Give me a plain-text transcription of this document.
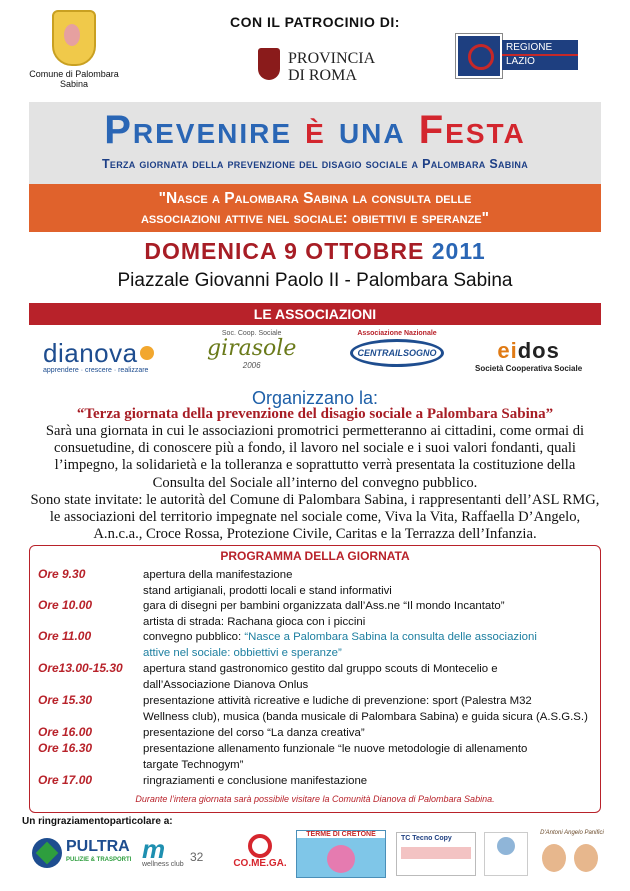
Comune di Palombara Sabina
CON IL PATROCINIO DI:
PROVINCIA
DI ROMA
REGIONE
LAZIO
Prevenire è una Festa
Terza giornata della prevenzione del disagio sociale a Palombara Sabina
"Nasce a Palombara Sabina la consulta delle
associazioni attive nel sociale: obiettivi e speranze"
DOMENICA 9 OTTOBRE 2011
Piazzale Giovanni Paolo II - Palombara Sabina
LE ASSOCIAZIONI
dianova
apprendere · crescere · realizzare
Soc. Coop. Sociale
girasole
2006
Associazione Nazionale
CENTRAILSOGNO	eidos
Società Cooperativa Sociale
Organizzano la:
“Terza giornata della prevenzione del disagio sociale a Palombara Sabina”

Sarà una giornata in cui le associazioni promotrici permetteranno ai cittadini, come ormai di consuetudine, di conoscere più a fondo, il lavoro nel sociale e i suoi valori fondanti, quali l’impegno, la solidarietà e la tolleranza e soprattutto verrà presentata la costituzione della Consulta del Sociale all’interno del convegno pubblico.

Sono state invitate: le autorità del Comune di Palombara Sabina, i rappresentanti dell’ASL RMG, le associazioni del territorio impegnate nel sociale come, Viva la Vita, Raffaella D’Angelo, A.n.c.a., Croce Rossa, Protezione Civile, Caritas e la Terrazza dell’Infanzia.

PROGRAMMA DELLA GIORNATA
Ore 9.30	apertura della manifestazione
stand artigianali, prodotti locali e stand informativi
Ore 10.00	gara di disegni per bambini organizzata dall’Ass.ne “Il mondo Incantato”
artista di strada: Rachana gioca con i piccini
Ore 11.00	convegno pubblico: “Nasce a Palombara Sabina la consulta delle associazioni
attive nel sociale: obbiettivi e speranze”
Ore13.00-15.30 apertura stand gastronomico gestito dal gruppo scouts di Montecelio e
dall’Associazione Dianova Onlus
Ore 15.30	presentazione attività ricreative e ludiche di prevenzione: sport (Palestra M32
Wellness club), musica (banda musicale di Palombara Sabina) e guida sicura (A.S.G.S.)
Ore 16.00	presentazione del corso “La danza creativa”
Ore 16.30	presentazione allenamento funzionale “le nuove metodologie di allenamento
targate Technogym”
Ore 17.00	ringraziamenti e conclusione manifestazione
Durante l’intera giornata sarà possibile visitare la Comunità Dianova di Palombara Sabina.
Un ringraziamentoparticolare a:
PULTRA
PULIZIE & TRASPORTI m	32
wellness club	CO.ME.GA.
TERME DI CRETONE
TC Tecno Copy
D'Antoni Angelo Panifici
